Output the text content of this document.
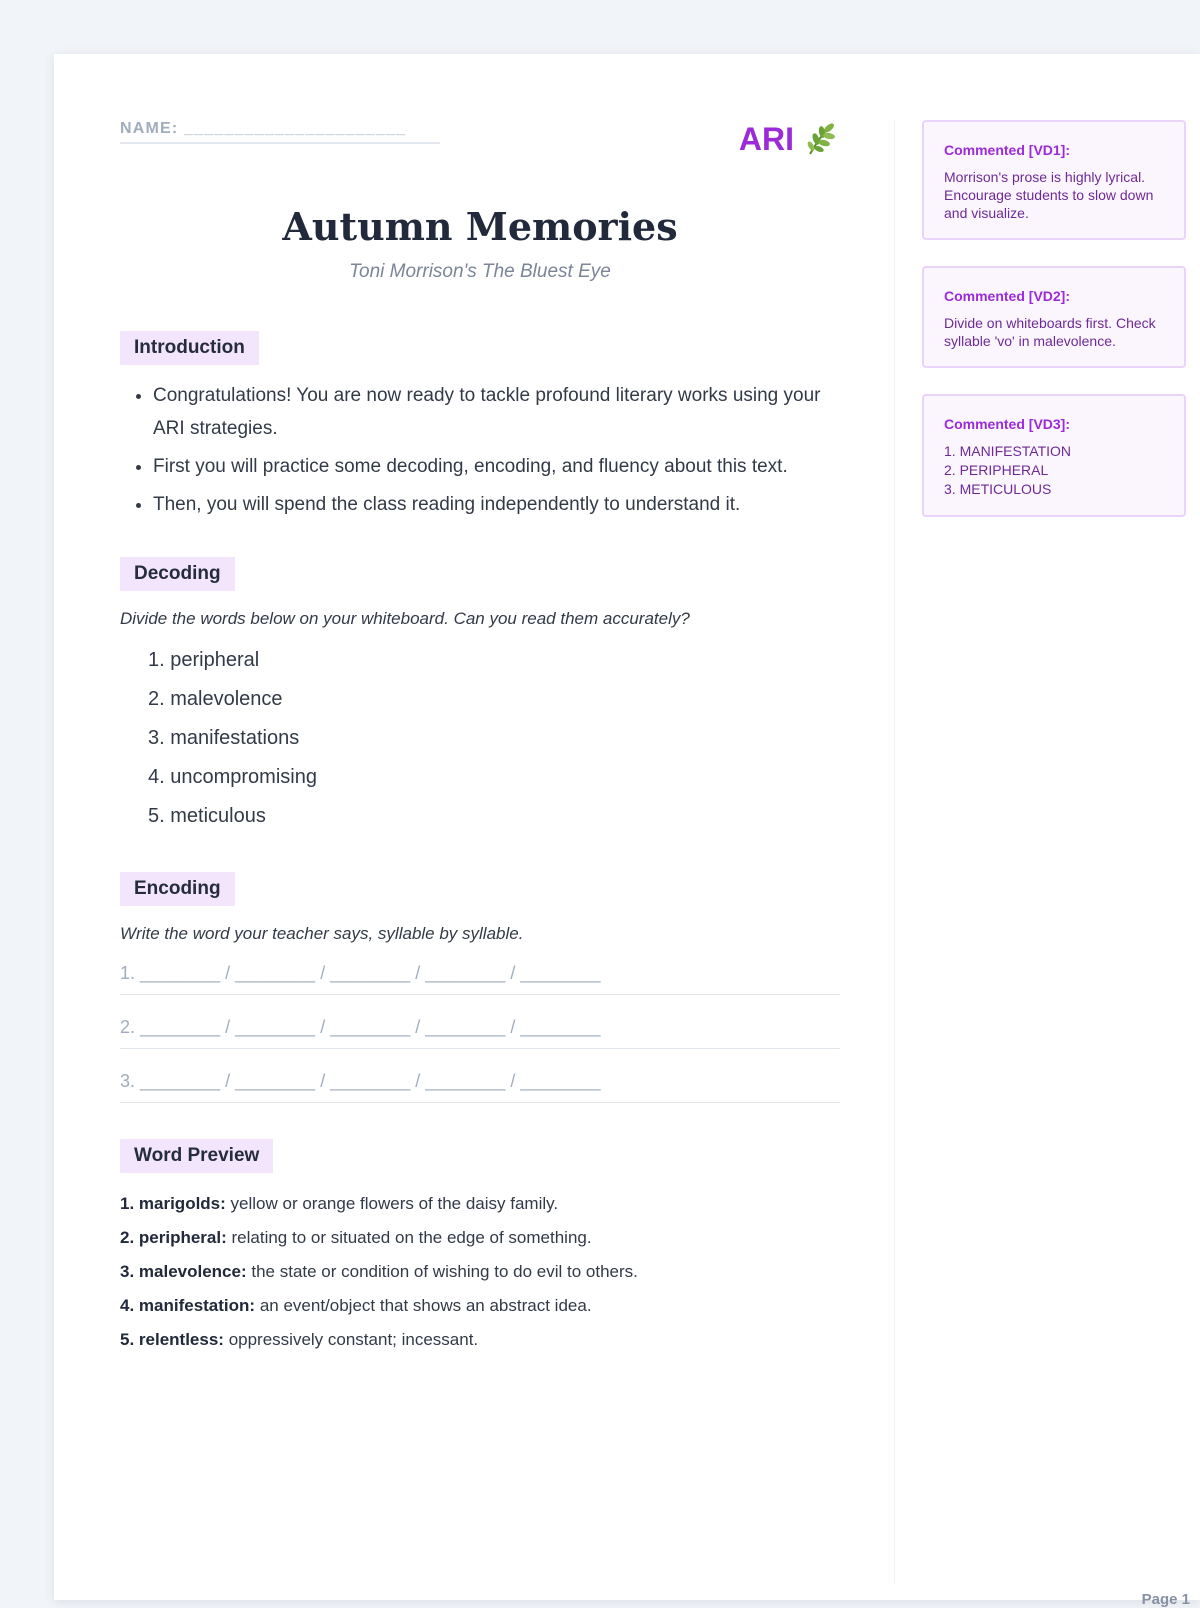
NAME: ______________________	ARI
Autumn Memories
Toni Morrison's The Bluest Eye
Introduction
• Congratulations! You are now ready to tackle profound literary works using your ARI strategies.
• First you will practice some decoding, encoding, and fluency about this text.
• Then, you will spend the class reading independently to understand it.
Decoding
Divide the words below on your whiteboard. Can you read them accurately?
1. peripheral
2. malevolence
3. manifestations
4. uncompromising
5. meticulous
Encoding
Write the word your teacher says, syllable by syllable.
1. ________ / ________ / ________ / ________ / ________
2. ________ / ________ / ________ / ________ / ________
3. ________ / ________ / ________ / ________ / ________
Word Preview
1. marigolds: yellow or orange flowers of the daisy family.
2. peripheral: relating to or situated on the edge of something.
3. malevolence: the state or condition of wishing to do evil to others.
4. manifestation: an event/object that shows an abstract idea.
5. relentless: oppressively constant; incessant.
Commented [VD1]:
Morrison's prose is highly lyrical. Encourage students to slow down and visualize.
Commented [VD2]:
Divide on whiteboards first. Check syllable 'vo' in malevolence.
Commented [VD3]:
1. MANIFESTATION
2. PERIPHERAL
3. METICULOUS
Page 1
